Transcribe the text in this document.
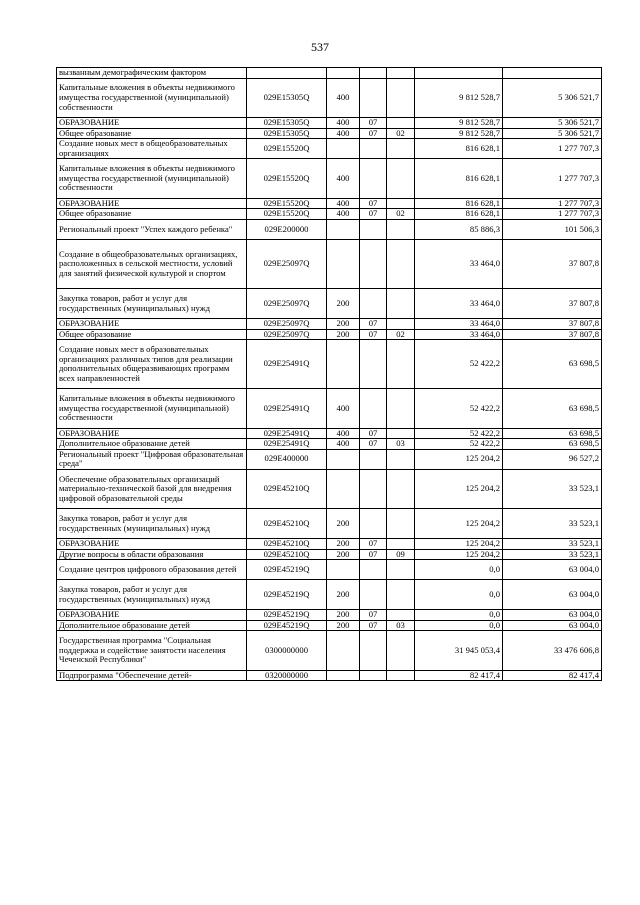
537
вызванным демографическим фактором						
Капитальные вложения в объекты недвижимого имущества государственной (муниципальной) собственности	029E15305Q	400			9 812 528,7	5 306 521,7
ОБРАЗОВАНИЕ	029E15305Q	400	07		9 812 528,7	5 306 521,7
Общее образование	029E15305Q	400	07	02	9 812 528,7	5 306 521,7
Создание новых мест в общеобразовательных организациях	029E15520Q				816 628,1	1 277 707,3
Капитальные вложения в объекты недвижимого имущества государственной (муниципальной) собственности	029E15520Q	400			816 628,1	1 277 707,3
ОБРАЗОВАНИЕ	029E15520Q	400	07		816 628,1	1 277 707,3
Общее образование	029E15520Q	400	07	02	816 628,1	1 277 707,3
Региональный проект "Успех каждого ребенка"	029E200000				85 886,3	101 506,3
Создание в общеобразовательных организациях, расположенных в сельской местности, условий для занятий физической культурой и спортом	029E25097Q				33 464,0	37 807,8
Закупка товаров, работ и услуг для государственных (муниципальных) нужд	029E25097Q	200			33 464,0	37 807,8
ОБРАЗОВАНИЕ	029E25097Q	200	07		33 464,0	37 807,8
Общее образование	029E25097Q	200	07	02	33 464,0	37 807,8
Создание новых мест в образовательных организациях различных типов для реализации дополнительных общеразвивающих программ всех направленностей	029E25491Q				52 422,2	63 698,5
Капитальные вложения в объекты недвижимого имущества государственной (муниципальной) собственности	029E25491Q	400			52 422,2	63 698,5
ОБРАЗОВАНИЕ	029E25491Q	400	07		52 422,2	63 698,5
Дополнительное образование детей	029E25491Q	400	07	03	52 422,2	63 698,5
Региональный проект "Цифровая образовательная среда"	029E400000				125 204,2	96 527,2
Обеспечение образовательных организаций материально-технической базой для внедрения цифровой образовательной среды	029E45210Q				125 204,2	33 523,1
Закупка товаров, работ и услуг для государственных (муниципальных) нужд	029E45210Q	200			125 204,2	33 523,1
ОБРАЗОВАНИЕ	029E45210Q	200	07		125 204,2	33 523,1
Другие вопросы в области образования	029E45210Q	200	07	09	125 204,2	33 523,1
Создание центров цифрового образования детей	029E45219Q				0,0	63 004,0
Закупка товаров, работ и услуг для государственных (муниципальных) нужд	029E45219Q	200			0,0	63 004,0
ОБРАЗОВАНИЕ	029E45219Q	200	07		0,0	63 004,0
Дополнительное образование детей	029E45219Q	200	07	03	0,0	63 004,0
Государственная программа "Социальная поддержка и содействие занятости населения Чеченской Республики"	0300000000				31 945 053,4	33 476 606,8
Подпрограмма "Обеспечение детей-	0320000000				82 417,4	82 417,4
